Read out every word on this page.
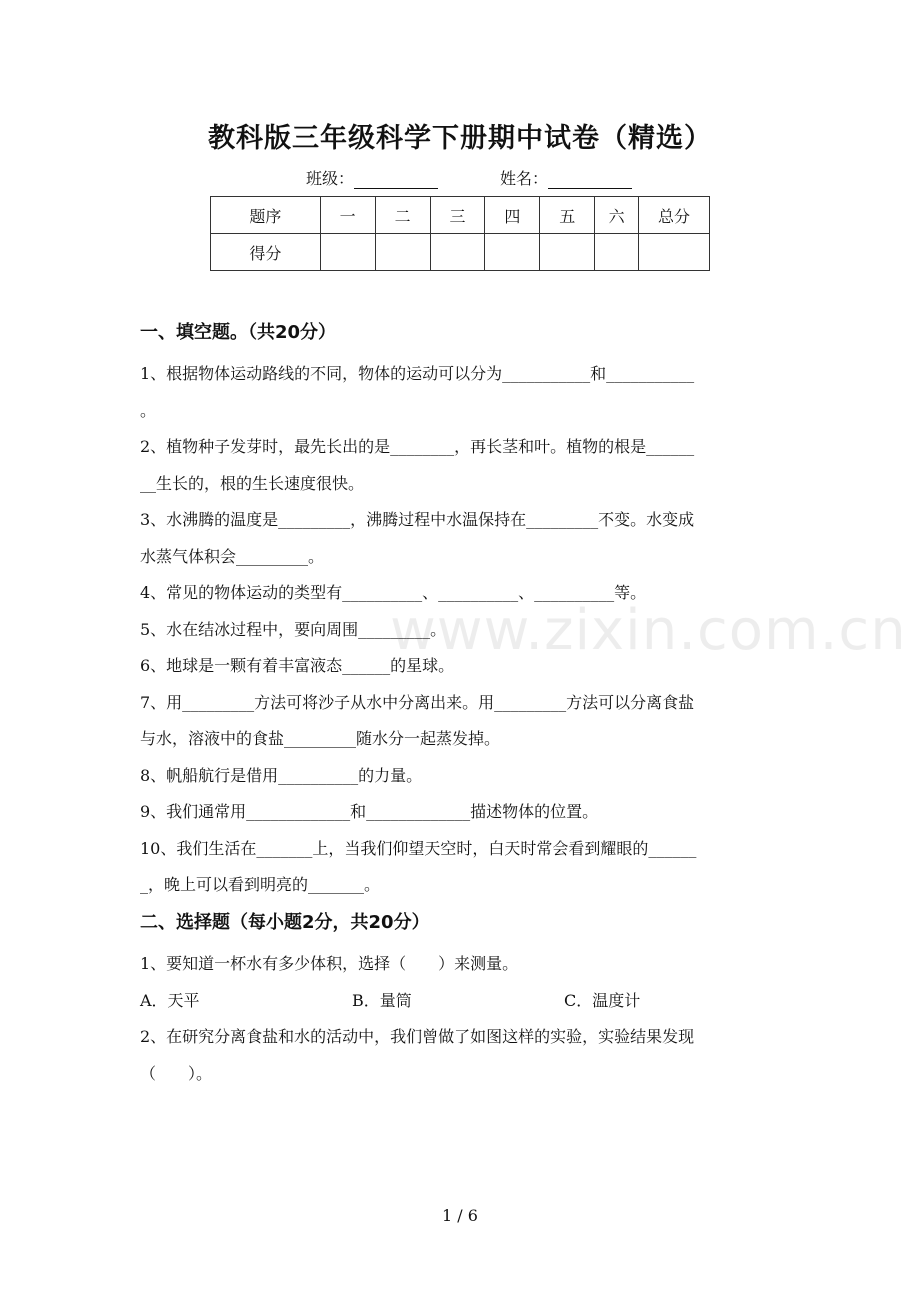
教科版三年级科学下册期中试卷（精选）
班级：	姓名：
题序	一	二	三	四	五	六	总分
得分							
一、填空题。（共20分）
1、根据物体运动路线的不同，物体的运动可以分为___________和___________
。
2、植物种子发芽时，最先长出的是________，再长茎和叶。植物的根是______
__生长的，根的生长速度很快。
3、水沸腾的温度是_________，沸腾过程中水温保持在_________不变。水变成
水蒸气体积会_________。
4、常见的物体运动的类型有__________、__________、__________等。
5、水在结冰过程中，要向周围_________。
6、地球是一颗有着丰富液态______的星球。
7、用_________方法可将沙子从水中分离出来。用_________方法可以分离食盐
与水，溶液中的食盐_________随水分一起蒸发掉。
8、帆船航行是借用__________的力量。
9、我们通常用_____________和_____________描述物体的位置。
10、我们生活在_______上，当我们仰望天空时，白天时常会看到耀眼的______
_，晚上可以看到明亮的_______。
二、选择题（每小题2分，共20分）
1、要知道一杯水有多少体积，选择（　　）来测量。
A．天平	B．量筒	C．温度计
2、在研究分离食盐和水的活动中，我们曾做了如图这样的实验，实验结果发现
（　　）。
www.zixin.com.cn
1 / 6
